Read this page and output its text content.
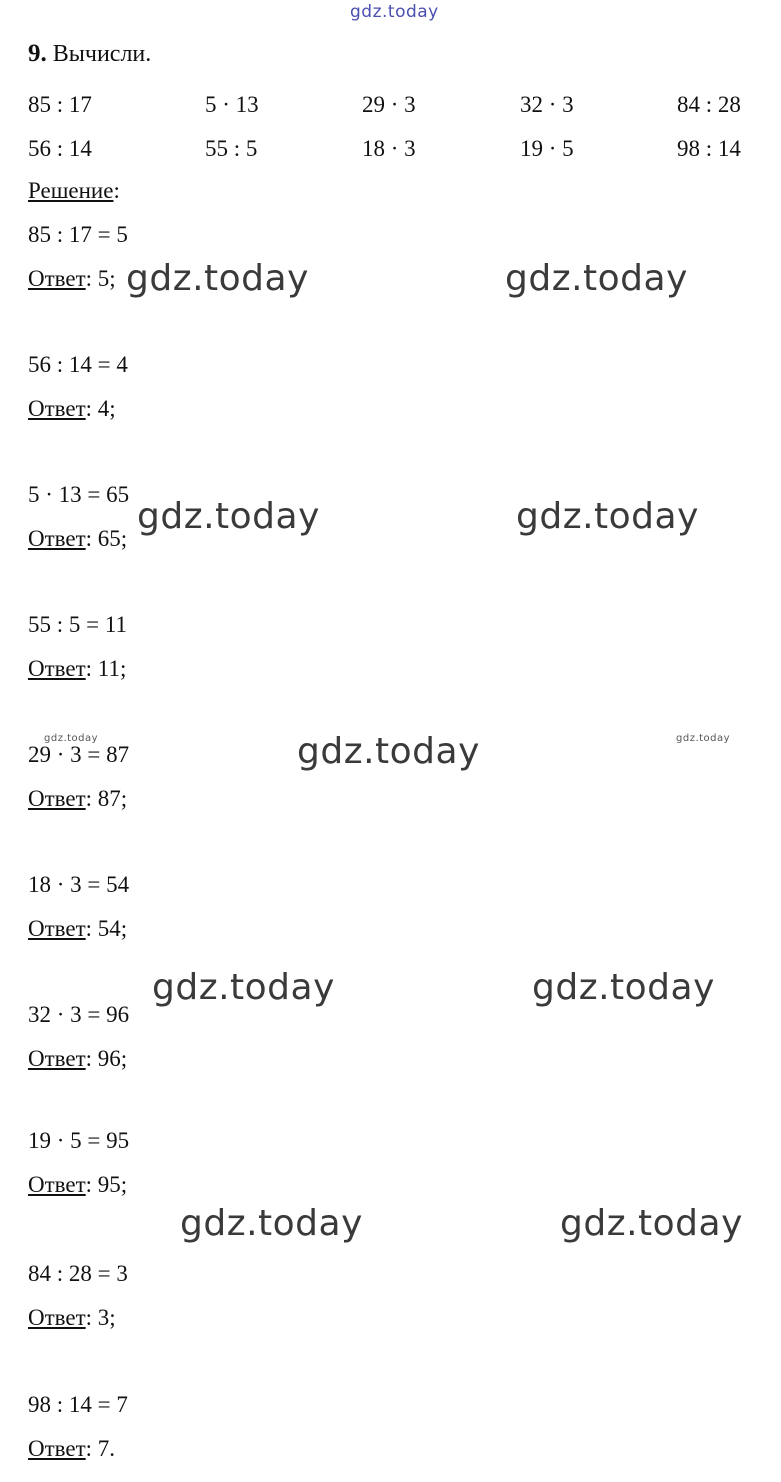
gdz.today
9. Вычисли.
85 : 17	5 · 13	29 · 3	32 · 3	84 : 28
56 : 14	55 : 5	18 · 3	19 · 5	98 : 14
Решение:
85 : 17 = 5
Ответ: 5;
56 : 14 = 4
Ответ: 4;
5 · 13 = 65
Ответ: 65;
55 : 5 = 11
Ответ: 11;
29 · 3 = 87
Ответ: 87;
18 · 3 = 54
Ответ: 54;
32 · 3 = 96
Ответ: 96;
19 · 5 = 95
Ответ: 95;
84 : 28 = 3
Ответ: 3;
98 : 14 = 7
Ответ: 7.
gdz.today	gdz.today
gdz.today	gdz.today
gdz.today	gdz.today	gdz.today
gdz.today	gdz.today
gdz.today	gdz.today
